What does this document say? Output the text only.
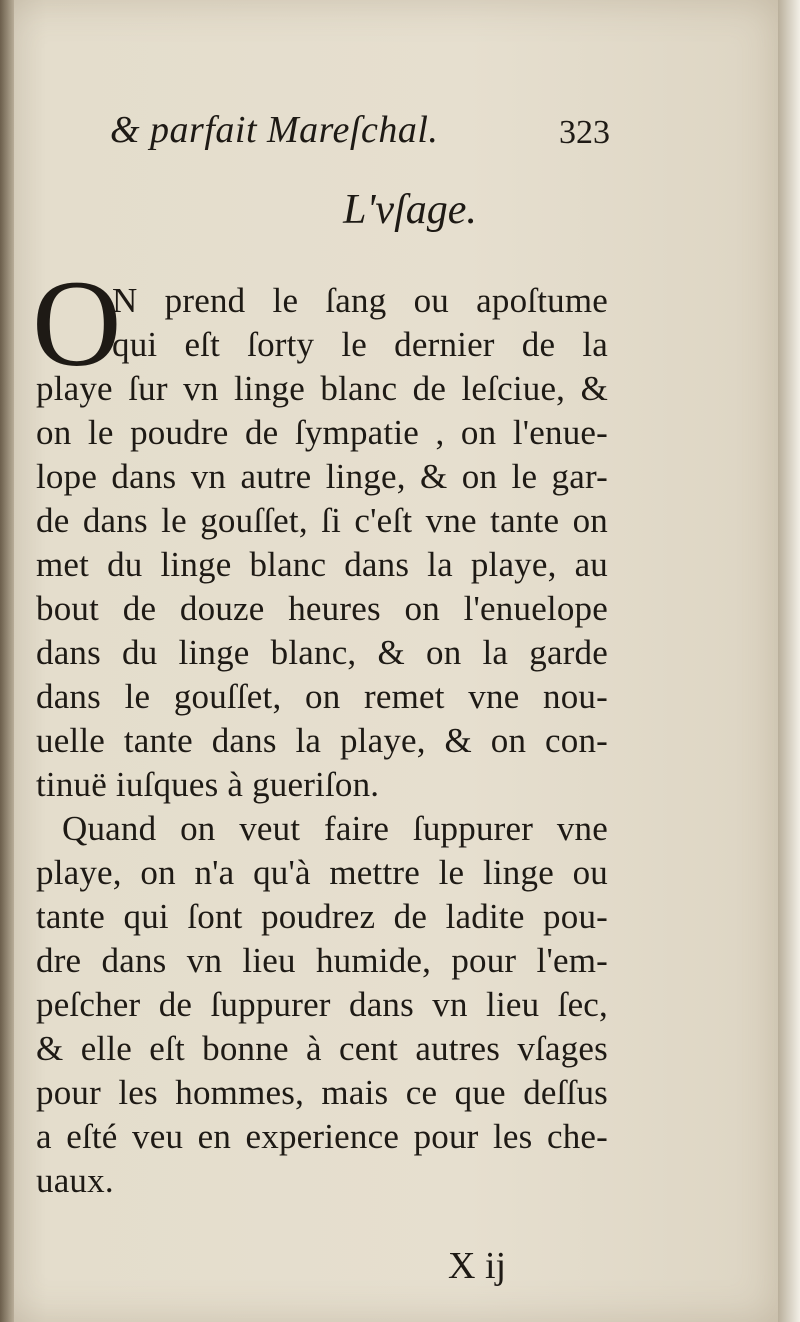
& parfait Mareſchal.	323
L'vſage.
O
N prend le ſang ou apoſtume
qui eſt ſorty le dernier de la
playe ſur vn linge blanc de leſciue, &
on le poudre de ſympatie , on l'enue-
lope dans vn autre linge, & on le gar-
de dans le gouſſet, ſi c'eſt vne tante on
met du linge blanc dans la playe, au
bout de douze heures on l'enuelope
dans du linge blanc, & on la garde
dans le gouſſet, on remet vne nou-
uelle tante dans la playe, & on con-
tinuë iuſques à gueriſon.
Quand on veut faire ſuppurer vne
playe, on n'a qu'à mettre le linge ou
tante qui ſont poudrez de ladite pou-
dre dans vn lieu humide, pour l'em-
peſcher de ſuppurer dans vn lieu ſec,
& elle eſt bonne à cent autres vſages
pour les hommes, mais ce que deſſus
a eſté veu en experience pour les che-
uaux.
X ij
